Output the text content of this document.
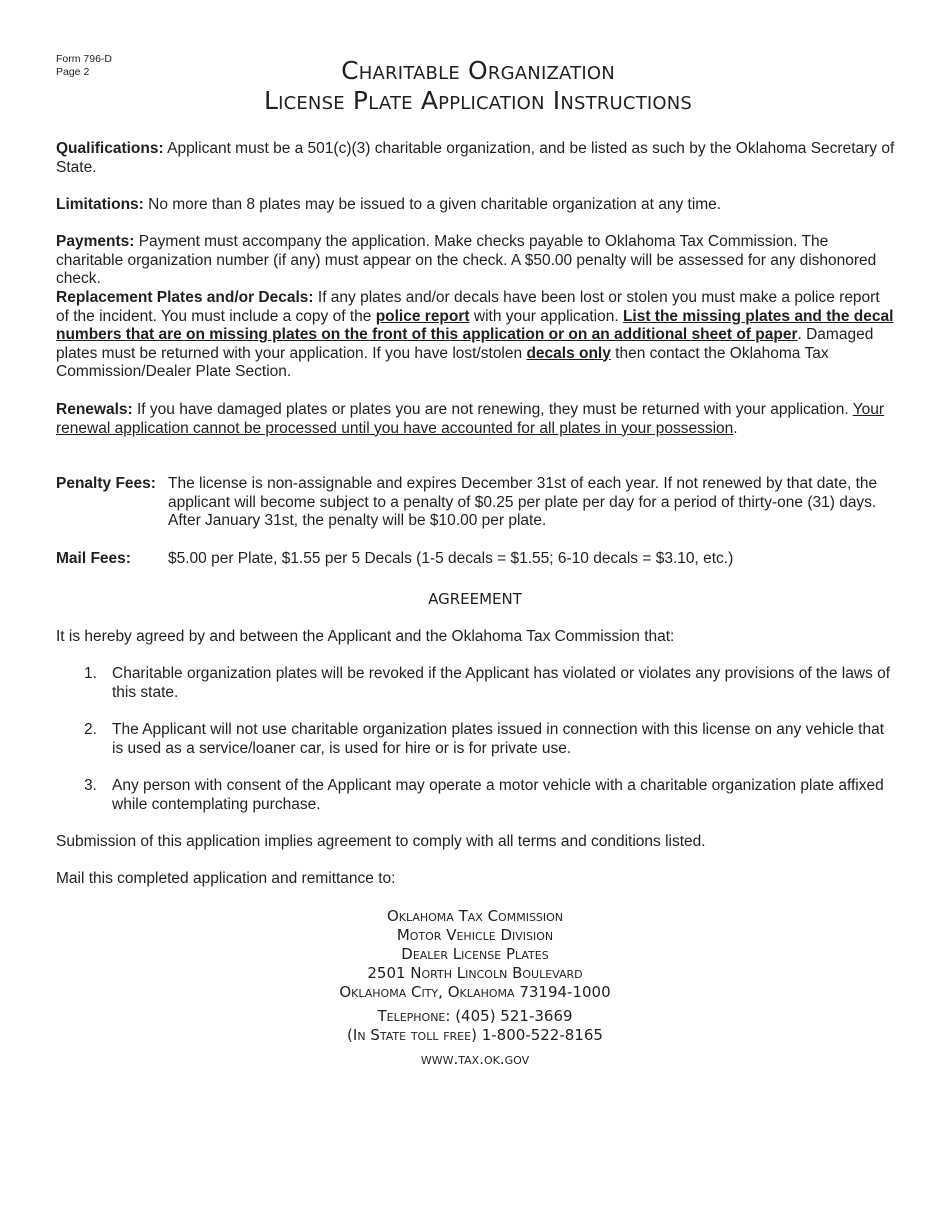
Form 796-D
Page 2	Charitable Organization
License Plate Application Instructions

Qualifications: Applicant must be a 501(c)(3) charitable organization, and be listed as such by the Oklahoma Secretary of State.

Limitations: No more than 8 plates may be issued to a given charitable organization at any time.

Payments: Payment must accompany the application. Make checks payable to Oklahoma Tax Commission. The charitable organization number (if any) must appear on the check. A $50.00 penalty will be assessed for any dishonored check.

Replacement Plates and/or Decals: If any plates and/or decals have been lost or stolen you must make a police report of the incident. You must include a copy of the police report with your application. List the missing plates and the decal numbers that are on missing plates on the front of this application or on an additional sheet of paper. Damaged plates must be returned with your application. If you have lost/stolen decals only then contact the Oklahoma Tax Commission/Dealer Plate Section.

Renewals: If you have damaged plates or plates you are not renewing, they must be returned with your application. Your renewal application cannot be processed until you have accounted for all plates in your possession.

Penalty Fees: The license is non-assignable and expires December 31st of each year. If not renewed by that date, the applicant will become subject to a penalty of $0.25 per plate per day for a period of thirty-one (31) days. After January 31st, the penalty will be $10.00 per plate.
Mail Fees: $5.00 per Plate, $1.55 per 5 Decals (1-5 decals = $1.55; 6-10 decals = $3.10, etc.)
AGREEMENT

It is hereby agreed by and between the Applicant and the Oklahoma Tax Commission that:

1. Charitable organization plates will be revoked if the Applicant has violated or violates any provisions of the laws of this state.
2. The Applicant will not use charitable organization plates issued in connection with this license on any vehicle that is used as a service/loaner car, is used for hire or is for private use.
3. Any person with consent of the Applicant may operate a motor vehicle with a charitable organization plate affixed while contemplating purchase.

Submission of this application implies agreement to comply with all terms and conditions listed.

Mail this completed application and remittance to:

Oklahoma Tax Commission
Motor Vehicle Division
Dealer License Plates
2501 North Lincoln Boulevard
Oklahoma City, Oklahoma 73194-1000
Telephone: (405) 521-3669
(In State toll free) 1-800-522-8165
www.tax.ok.gov
